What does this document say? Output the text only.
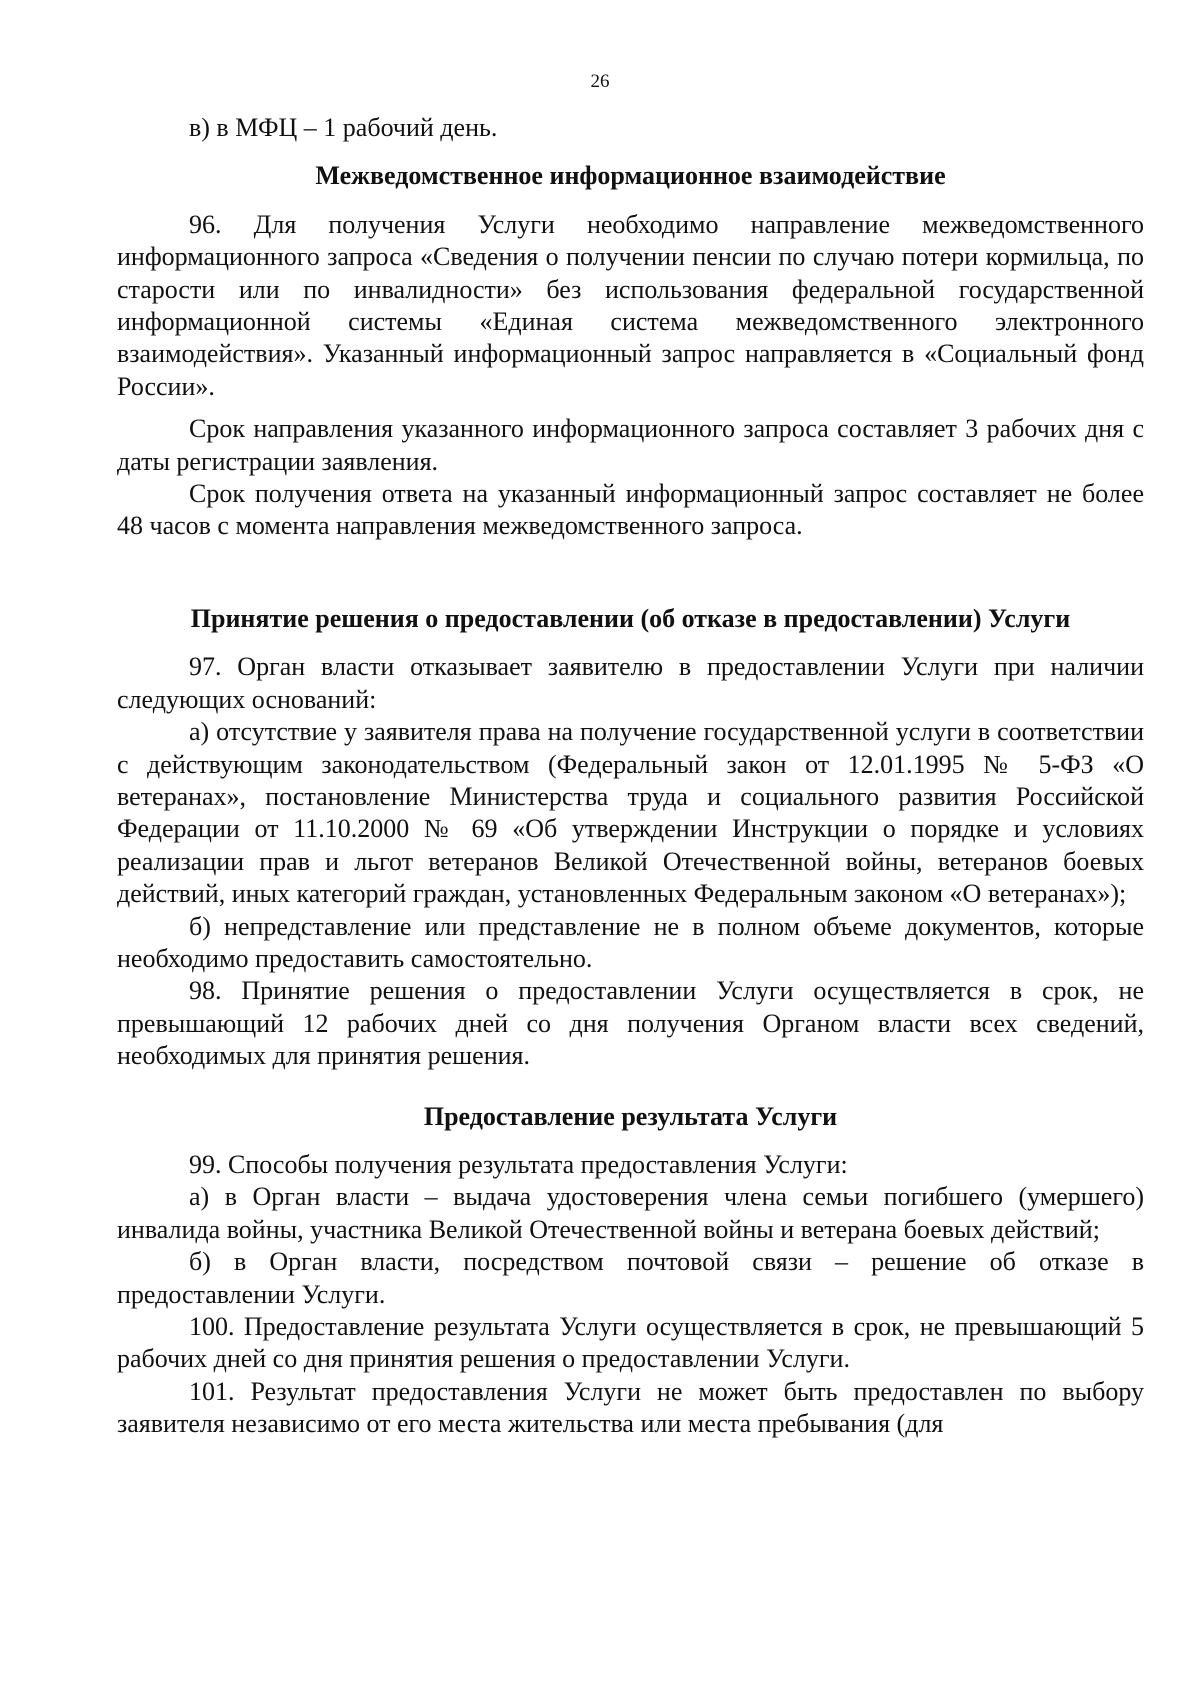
26

в) в МФЦ – 1 рабочий день.

Межведомственное информационное взаимодействие

96. Для получения Услуги необходимо направление межведомственного информационного запроса «Сведения о получении пенсии по случаю потери кормильца, по старости или по инвалидности» без использования федеральной государственной информационной системы «Единая система межведомственного электронного взаимодействия». Указанный информационный запрос направляется в «Социальный фонд России».

Срок направления указанного информационного запроса составляет 3 рабочих дня с даты регистрации заявления.

Срок получения ответа на указанный информационный запрос составляет не более 48 часов с момента направления межведомственного запроса.

Принятие решения о предоставлении (об отказе в предоставлении) Услуги

97. Орган власти отказывает заявителю в предоставлении Услуги при наличии следующих оснований:

а) отсутствие у заявителя права на получение государственной услуги в соответствии с действующим законодательством (Федеральный закон от 12.01.1995 № 5-ФЗ «О ветеранах», постановление Министерства труда и социального развития Российской Федерации от 11.10.2000 № 69 «Об утверждении Инструкции о порядке и условиях реализации прав и льгот ветеранов Великой Отечественной войны, ветеранов боевых действий, иных категорий граждан, установленных Федеральным законом «О ветеранах»);

б) непредставление или представление не в полном объеме документов, которые необходимо предоставить самостоятельно.

98. Принятие решения о предоставлении Услуги осуществляется в срок, не превышающий 12 рабочих дней со дня получения Органом власти всех сведений, необходимых для принятия решения.

Предоставление результата Услуги

99. Способы получения результата предоставления Услуги:

а) в Орган власти – выдача удостоверения члена семьи погибшего (умершего) инвалида войны, участника Великой Отечественной войны и ветерана боевых действий;

б) в Орган власти, посредством почтовой связи – решение об отказе в предоставлении Услуги.

100. Предоставление результата Услуги осуществляется в срок, не превышающий 5 рабочих дней со дня принятия решения о предоставлении Услуги.

101. Результат предоставления Услуги не может быть предоставлен по выбору заявителя независимо от его места жительства или места пребывания (для
